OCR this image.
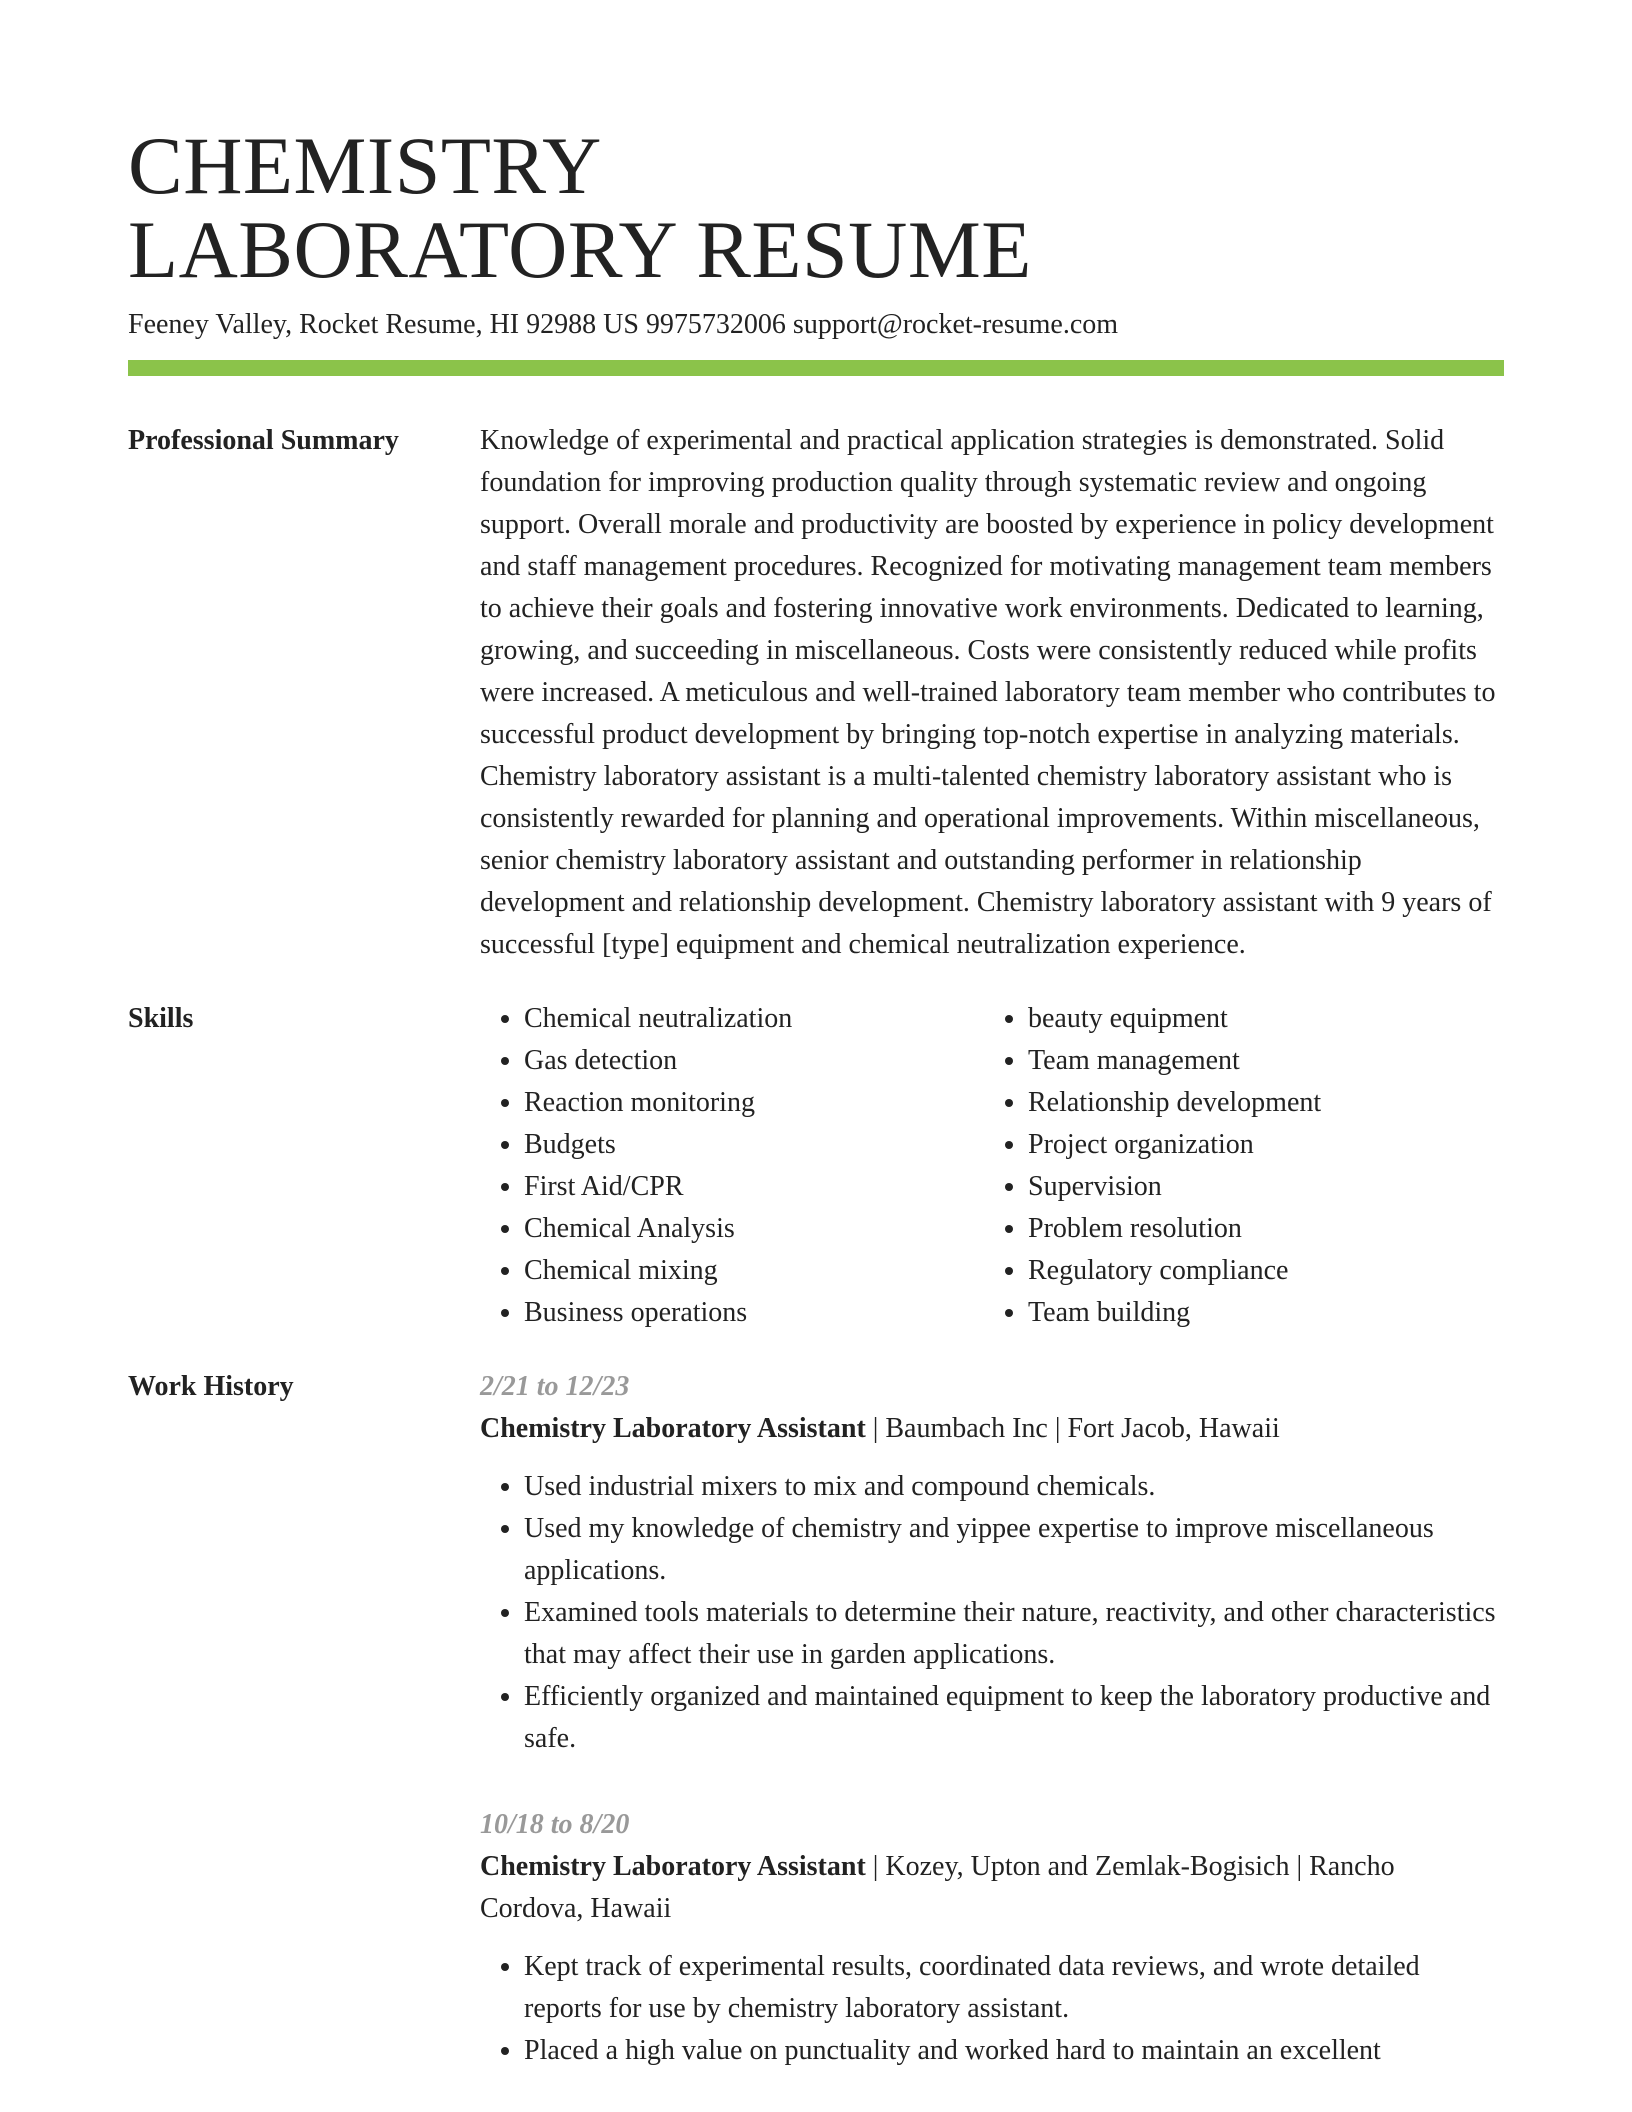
CHEMISTRY
LABORATORY RESUME
Feeney Valley, Rocket Resume, HI 92988 US 9975732006 support@rocket-resume.com
Professional Summary	Knowledge of experimental and practical application strategies is demonstrated. Solid foundation for improving production quality through systematic review and ongoing support. Overall morale and productivity are boosted by experience in policy development and staff management procedures. Recognized for motivating management team members to achieve their goals and fostering innovative work environments. Dedicated to learning, growing, and succeeding in miscellaneous. Costs were consistently reduced while profits were increased. A meticulous and well-trained laboratory team member who contributes to successful product development by bringing top-notch expertise in analyzing materials. Chemistry laboratory assistant is a multi-talented chemistry laboratory assistant who is consistently rewarded for planning and operational improvements. Within miscellaneous, senior chemistry laboratory assistant and outstanding performer in relationship development and relationship development. Chemistry laboratory assistant with 9 years of successful [type] equipment and chemical neutralization experience.

Skills
•	Chemical neutralization
• Gas detection
• Reaction monitoring
• Budgets
• First Aid/CPR
• Chemical Analysis
• Chemical mixing
• Business operations
• beauty equipment
• Team management
• Relationship development
• Project organization
• Supervision
• Problem resolution
• Regulatory compliance
• Team building
Work History	2/21 to 12/23
Chemistry Laboratory Assistant | Baumbach Inc | Fort Jacob, Hawaii
• Used industrial mixers to mix and compound chemicals.
• Used my knowledge of chemistry and yippee expertise to improve miscellaneous applications.
• Examined tools materials to determine their nature, reactivity, and other characteristics that may affect their use in garden applications.
• Efficiently organized and maintained equipment to keep the laboratory productive and safe.
10/18 to 8/20
Chemistry Laboratory Assistant | Kozey, Upton and Zemlak-Bogisich | Rancho Cordova, Hawaii
• Kept track of experimental results, coordinated data reviews, and wrote detailed reports for use by chemistry laboratory assistant.
• Placed a high value on punctuality and worked hard to maintain an excellent
